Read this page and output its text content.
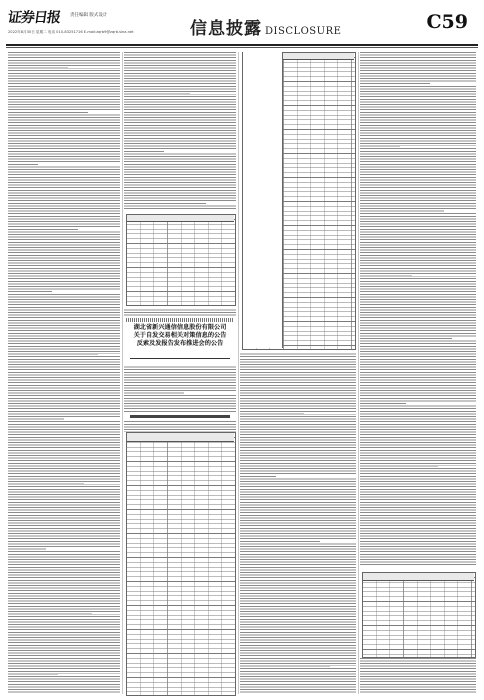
证券日报 责任编辑 版式设计
2022年8月30日 星期二 电话 010-83251716 E-mail:zqrb9@zqrb.sina.net	信息披露 DISCLOSURE	C59
湖北省新兴通信信息股份有限公司
关于自发交易相关对策信息的公告
反索及发报告发布推进会的公告
